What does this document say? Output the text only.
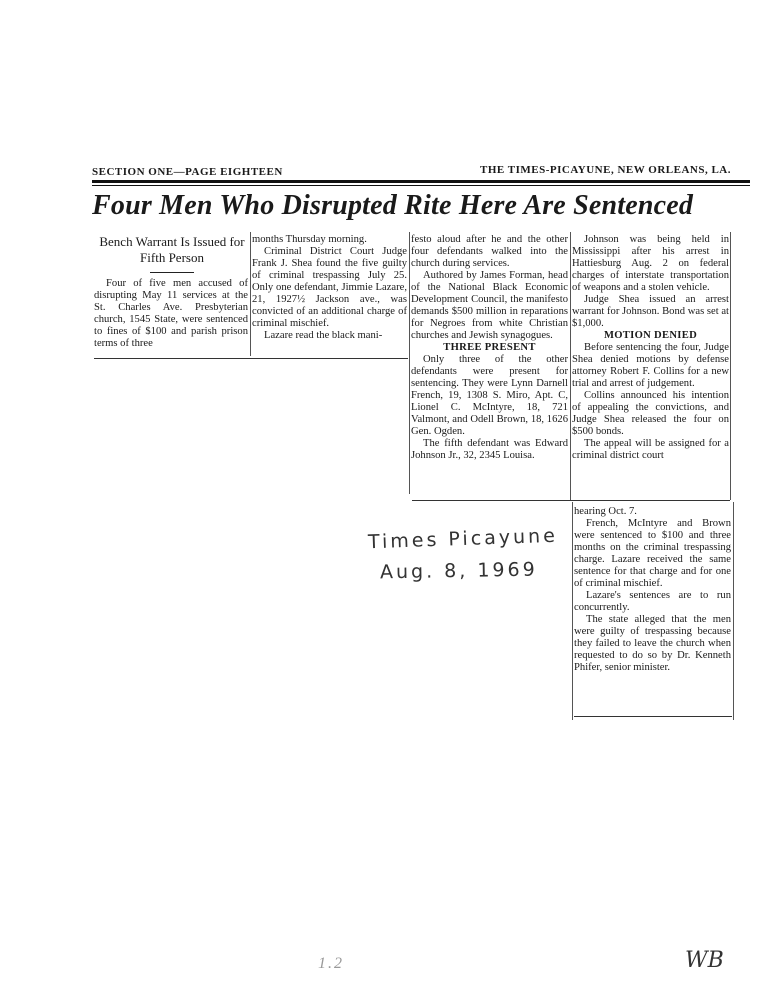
SECTION ONE—PAGE EIGHTEEN	THE TIMES-PICAYUNE, NEW ORLEANS, LA.
Four Men Who Disrupted Rite Here Are Sentenced
Bench Warrant Is Issued for Fifth Person

Four of five men accused of disrupting May 11 services at the St. Charles Ave. Presbyterian church, 1545 State, were sentenced to fines of $100 and parish prison terms of three

months Thursday morning.

Criminal District Court Judge Frank J. Shea found the five guilty of criminal trespassing July 25. Only one defendant, Jimmie Lazare, 21, 1927½ Jackson ave., was convicted of an additional charge of criminal mischief.

Lazare read the black mani-

festo aloud after he and the other four defendants walked into the church during services.

Authored by James Forman, head of the National Black Economic Development Council, the manifesto demands $500 million in reparations for Negroes from white Christian churches and Jewish synagogues.

THREE PRESENT

Only three of the other defendants were present for sentencing. They were Lynn Darnell French, 19, 1308 S. Miro, Apt. C, Lionel C. McIntyre, 18, 721 Valmont, and Odell Brown, 18, 1626 Gen. Ogden.

The fifth defendant was Edward Johnson Jr., 32, 2345 Louisa.

Johnson was being held in Mississippi after his arrest in Hattiesburg Aug. 2 on federal charges of interstate transportation of weapons and a stolen vehicle.

Judge Shea issued an arrest warrant for Johnson. Bond was set at $1,000.

MOTION DENIED

Before sentencing the four, Judge Shea denied motions by defense attorney Robert F. Collins for a new trial and arrest of judgement.

Collins announced his intention of appealing the convictions, and Judge Shea released the four on $500 bonds.

The appeal will be assigned for a criminal district court

hearing Oct. 7.

French, McIntyre and Brown were sentenced to $100 and three months on the criminal trespassing charge. Lazare received the same sentence for that charge and for one of criminal mischief.

Lazare's sentences are to run concurrently.

The state alleged that the men were guilty of trespassing because they failed to leave the church when requested to do so by Dr. Kenneth Phifer, senior minister.

Times Picayune
Aug. 8, 1969
1.2	WB
